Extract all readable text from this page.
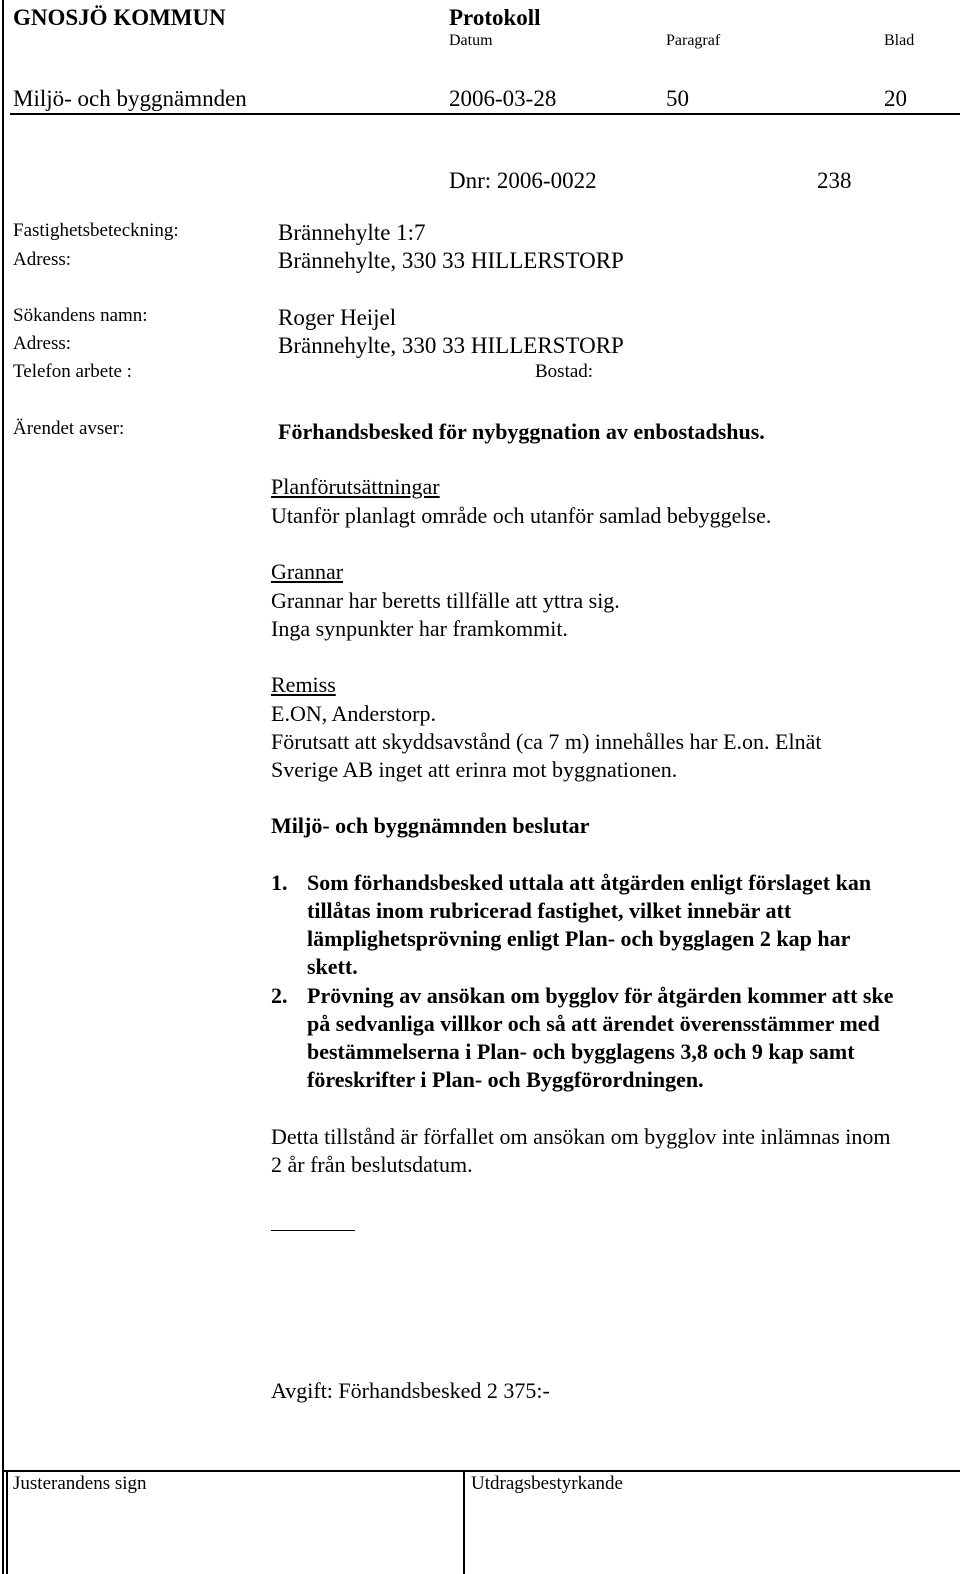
GNOSJÖ KOMMUN	Protokoll
Datum	Paragraf	Blad
Miljö- och byggnämnden	2006-03-28	50	20
Dnr: 2006-0022	238
Fastighetsbeteckning:	Brännehylte 1:7
Adress:	Brännehylte, 330 33 HILLERSTORP
Sökandens namn:	Roger Heijel
Adress:	Brännehylte, 330 33 HILLERSTORP
Telefon arbete :	Bostad:
Ärendet avser:	Förhandsbesked för nybyggnation av enbostadshus.
Planförutsättningar
Utanför planlagt område och utanför samlad bebyggelse.
Grannar
Grannar har beretts tillfälle att yttra sig.
Inga synpunkter har framkommit.
Remiss
E.ON, Anderstorp.
Förutsatt att skyddsavstånd (ca 7 m) innehålles har E.on. Elnät
Sverige AB inget att erinra mot byggnationen.
Miljö- och byggnämnden beslutar
1. Som förhandsbesked uttala att åtgärden enligt förslaget kan
tillåtas inom rubricerad fastighet, vilket innebär att
lämplighetsprövning enligt Plan- och bygglagen 2 kap har
skett.
2. Prövning av ansökan om bygglov för åtgärden kommer att ske
på sedvanliga villkor och så att ärendet överensstämmer med
bestämmelserna i Plan- och bygglagens 3,8 och 9 kap samt
föreskrifter i Plan- och Byggförordningen.
Detta tillstånd är förfallet om ansökan om bygglov inte inlämnas inom
2 år från beslutsdatum.
Avgift: Förhandsbesked 2 375:-
Justerandens sign	Utdragsbestyrkande
